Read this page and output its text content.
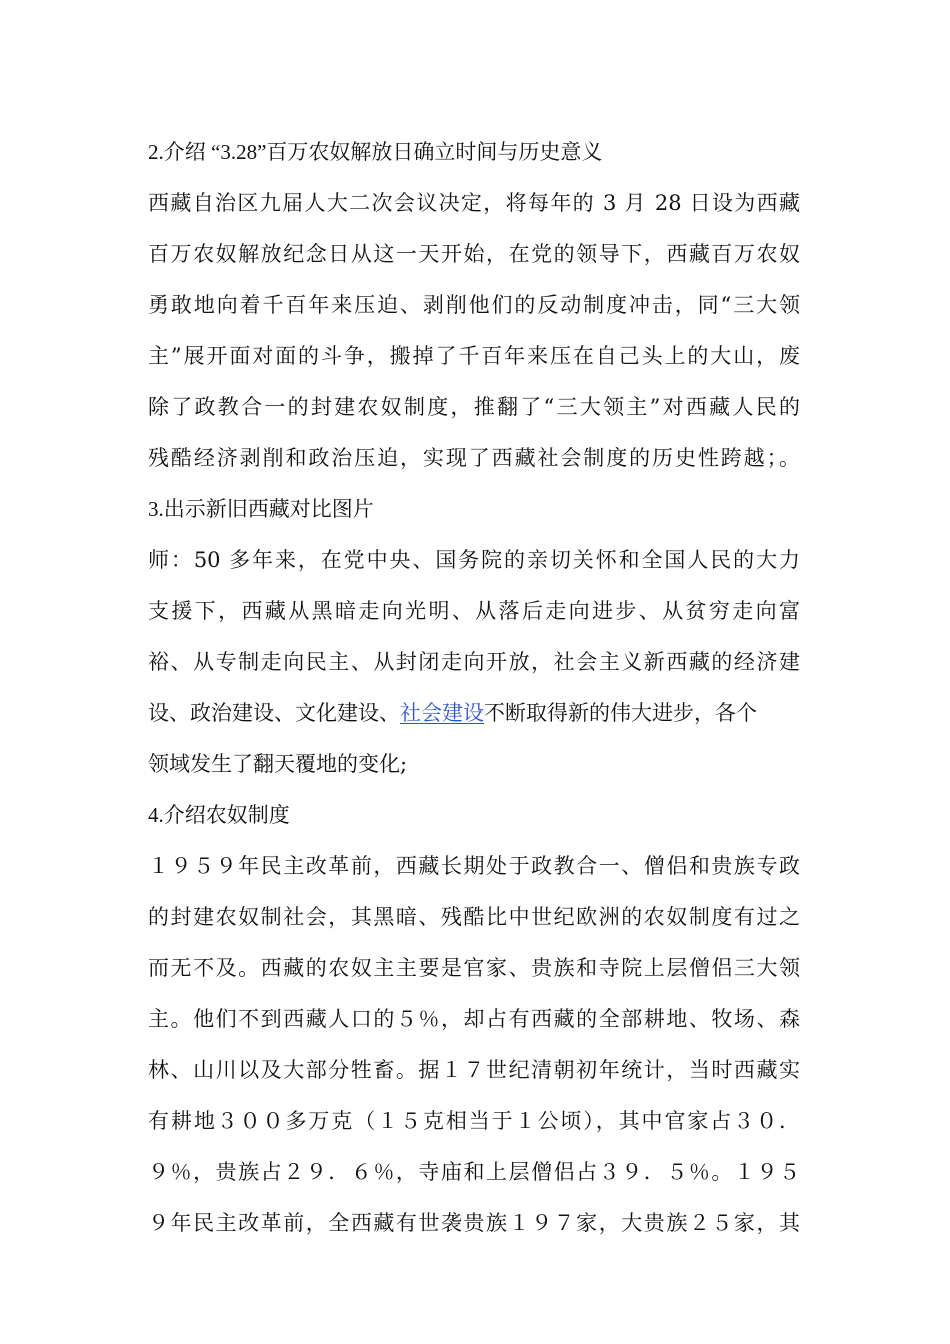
2.介绍 “3.28”百万农奴解放日确立时间与历史意义
西藏自治区九届人大二次会议决定，将每年的 3 月 28 日设为西藏
百万农奴解放纪念日从这一天开始，在党的领导下，西藏百万农奴
勇敢地向着千百年来压迫、剥削他们的反动制度冲击，同“三大领
主”展开面对面的斗争，搬掉了千百年来压在自己头上的大山，废
除了政教合一的封建农奴制度，推翻了“三大领主”对西藏人民的
残酷经济剥削和政治压迫，实现了西藏社会制度的历史性跨越；。
3.出示新旧西藏对比图片
师：50 多年来，在党中央、国务院的亲切关怀和全国人民的大力
支援下，西藏从黑暗走向光明、从落后走向进步、从贫穷走向富
裕、从专制走向民主、从封闭走向开放，社会主义新西藏的经济建
设、政治建设、文化建设、社会建设不断取得新的伟大进步，各个
领域发生了翻天覆地的变化;
4.介绍农奴制度
１９５９年民主改革前，西藏长期处于政教合一、僧侣和贵族专政
的封建农奴制社会，其黑暗、残酷比中世纪欧洲的农奴制度有过之
而无不及。西藏的农奴主主要是官家、贵族和寺院上层僧侣三大领
主。他们不到西藏人口的５％，却占有西藏的全部耕地、牧场、森
林、山川以及大部分牲畜。据１７世纪清朝初年统计，当时西藏实
有耕地３００多万克（１５克相当于１公顷），其中官家占３０．
９％，贵族占２９．６％，寺庙和上层僧侣占３９．５％。１９５
９年民主改革前，全西藏有世袭贵族１９７家，大贵族２５家，其
